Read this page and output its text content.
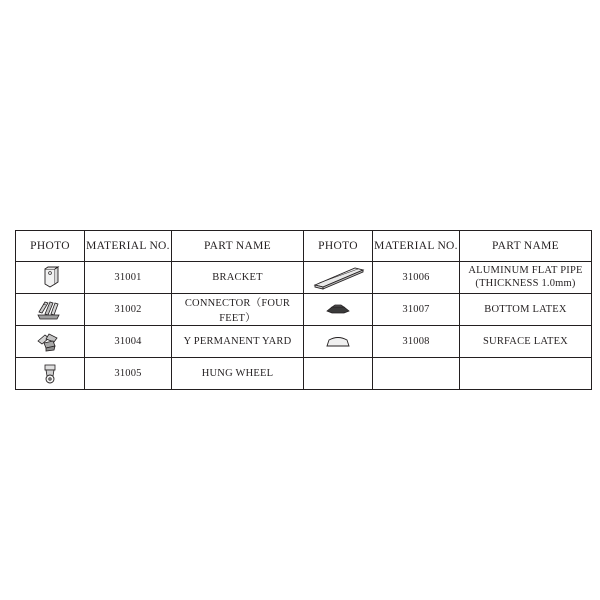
PHOTO	MATERIAL NO.	PART NAME	PHOTO	MATERIAL NO.	PART NAME

	31001	BRACKET		31006	ALUMINUM FLAT PIPE
(THICKNESS 1.0mm)

	31002	CONNECTOR（FOUR FEET）		31007	BOTTOM LATEX

	31004	Y PERMANENT YARD		31008	SURFACE LATEX

	31005	HUNG WHEEL			
